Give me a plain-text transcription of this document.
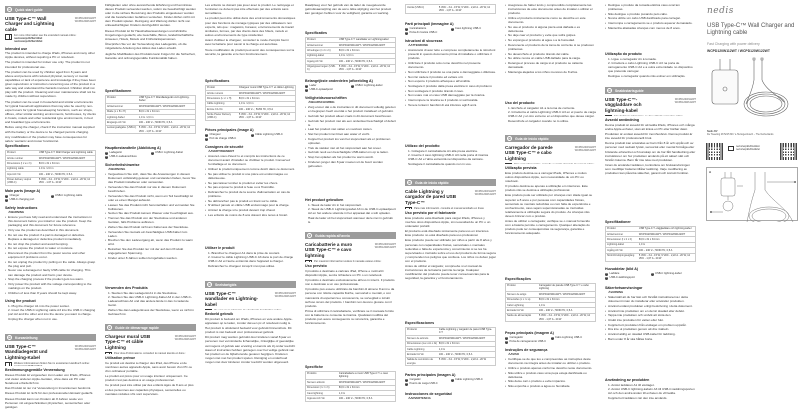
en	Quick start guide
USB Type-C™ Wall Charger and Lightning cable
WCPD120W112WT
WCPD120W122WT
For more information see the extended manual online:
ned.is/wcpd120w112wt
ned.is/wcpd120w122wt
Intended use
The product is intended to charge iPads, iPhones and many other Apple devices, without requiring a PC or notebook.
The product is intended for indoor use only. The product is not intended for professional use.
The product can be used by children aged from 8 years and above and persons with reduced physical, sensory or mental capabilities or lack of experience and knowledge if they have been given supervision or instruction concerning use of the product in a safe way and understand the hazards involved. Children shall not play with the product. Cleaning and user maintenance shall not be made by children without supervision.
The product can be used in household and similar environments for typical household applications that may also be used by non-expert users for typical housekeeping functions, such as: shops, offices, other similar working environments, farmhouses, by clients in hotels, motels and other residential type environments, in bed and breakfast type environments.
Before using the charger, check if the instruction manual supplied with the battery or the device to be charged permits charging.
Any modification of the product may have consequences for safety, warranty and proper functioning.
Specifications
Product	USB Type-C™ Wall Charger and Lightning cable
Article number	WCPD120W112WT / WCPD120W122WT
Dimensions (l x w x h)	83.6 x 31 x 34 mm
Lightning cable	1.0 m / 2.0 m
Input AC Vin	100 – 240 V~; 50/60 Hz, 0.5 A
Power delivery output (USB-C)	5 VDC - 3 A - 15 W; 9 VDC - 2.22 A - 20 W; 12 VDC - 1.67 A - 20 W
Main parts (image A)
1 Charger	3 USB-C Lightning cable
2 USB-C charging port
Safety instructions
⚠ WARNING
• Ensure you have fully read and understood the instructions in this document before you install or use the product. Keep the packaging and this document for future reference.
• Only use the product as described in this document.
• Do not use the product if a part is damaged or defective. Replace a damaged or defective product immediately.
• Do not drop the product and avoid bumping.
• Do not expose the product to water or moisture.
• Disconnect the product from the power source and other equipment if problems occur.
• Do not unplug the product by pulling on the cable. Always grasp the plug and pull.
• Never use a damaged or faulty USB cable for charging. This can damage the product and harm your device.
• Stop the charging process if the product gets too warm.
• Only power the product with the voltage corresponding to the markings on the product.
• Children of less than 8 years should be kept away.
Using the product
1. Plug the charger A1 into the power socket.
2. Insert the USB-C Lightning cable A3 into the USB-C charging port A2 and the other end into the device you want to charge.
Unplug the charger when not in use.
de	Kurzanleitung
USB Type-C™ Wandladegerät und Lightning-Kabel
WCPD120W112WT
WCPD120W122WT
Weitere Informationen finden Sie im erweiterten Handbuch online:
Bestimmungsgemäße Verwendung
Dieses Produkt ist vorgesehen zum Laden von iPads, iPhones und vielen anderen Apple-Geräten, ohne dass ein PC oder Notebook erforderlich ist.
Das Produkt ist nur zur Verwendung in Innenräumen bestimmt.
Dieses Produkt ist nicht für den professionellen Einsatz gedacht.
Dieses Produkt kann von Kindern ab 8 Jahren sowie von Personen mit eingeschränkten physischen, sensorischen oder geistigen
Fähigkeiten oder ohne ausreichende Erfahrung und Kenntnisse dieses Produkt verwendet werden, sofern sie beaufsichtigt werden oder in die sichere Benutzung des Produkts eingewiesen wurden und die bestehenden Gefahren verstehen. Kinder dürfen nicht mit dem Produkt spielen. Reinigung und Wartung dürfen nicht von unbeaufsichtigten Kindern durchgeführt werden.
Dieses Produkt ist für Haushaltsanwendungen und ähnliche Umgebungen gedacht, wie Geschäfte, Büros, landwirtschaftliche Anwesen, Hotels, Motels und Frühstückspensionen.
Überprüfen Sie vor der Verwendung des Ladegeräts, ob die mitgelieferte Anleitung des Akkus das Laden erlaubt.
Jegliche Modifikation des Produkts kann Folgen für die Sicherheit, Garantie und ordnungsgemäße Funktionalität haben.
Spezifikationen
Produkt	USB Type-C™ Wandladegerät und Lightning-Kabel
Artikelnummer	WCPD120W112WT / WCPD120W122WT
Maße (L x B x H)	83,6 x 31 x 34 mm
Lightning-Kabel	1,0 m / 2,0 m
Eingangs-AC Vin	100 – 240 V~; 50/60 Hz, 0,5 A
Leistungsabgabe (USB-C)	5 VDC - 3 A - 15 W; 9 VDC - 2,22 A - 20 W; 12 VDC - 1,67 A - 20 W
Hauptbestandteile (Abbildung A)
1 Ladegerät	3 USB-C Lightning-Kabel
2 USB-C-Ladeanschluss
Sicherheitshinweise
⚠ WARNUNG
• Vergewissern Sie sich, dass Sie die Anweisungen in diesem Dokument vollständig gelesen und verstanden haben, bevor Sie das Produkt installieren oder verwenden.
• Verwenden Sie das Produkt nur wie in diesem Dokument beschrieben.
• Verwenden Sie das Produkt nicht, wenn ein Teil beschädigt ist oder es einen Mangel aufweist.
• Lassen Sie das Produkt nicht herunterfallen und vermeiden Sie Kollisionen.
• Setzen Sie das Produkt keinem Wasser oder Feuchtigkeit aus.
• Trennen Sie das Produkt von der Steckdose und anderen Geräten, falls Probleme auftreten.
• Ziehen Sie das Produkt nicht am Kabel aus der Steckdose.
• Verwenden Sie niemals ein beschädigtes USB-Kabel zum Laden.
• Brechen Sie den Ladevorgang ab, wenn das Produkt zu warm wird.
• Betreiben Sie das Produkt nur mit der auf dem Produkt angegebenen Spannung.
• Kinder unter 8 Jahren sollten ferngehalten werden.
Verwenden des Produkts
1. Stecken Sie das Ladegerät A1 in die Steckdose.
2. Stecken Sie das USB-C Lightning-Kabel A3 in den USB-C-Ladeanschluss A2 und das andere Ende in das zu ladende Gerät.
Ziehen Sie das Ladegerät aus der Steckdose, wenn es nicht in Gebrauch ist.
fr	Guide de démarrage rapide
Chargeur mural USB Type-C™ et câble Lightning
WCPD120W112WT
WCPD120W122WT
Pour plus d'informations, consultez le manuel étendu en ligne :
Utilisation prévue
Ce produit est destiné à charger des iPad, des iPhone et de nombreux autres appareils Apple, sans avoir besoin d'un PC ou d'un ordinateur portable.
Le produit est prévu pour un usage intérieur uniquement. Ce produit n'est pas destiné à un usage professionnel.
Ce produit peut être utilisé par des enfants âgés de 8 ans et plus et des personnes aux capacités physiques, sensorielles ou mentales réduites s'ils sont supervisés.
Les enfants ne doivent pas jouer avec le produit. Le nettoyage et l'entretien ne doivent pas être effectués par des enfants sans surveillance.
Le produit peut être utilisé dans des environnements domestiques pour des fonctions de ménage typiques par des utilisateurs non experts, tels que : magasins, bureaux, environnements de travail similaires, fermes, par des clients dans des hôtels, motels et autres environnements de type résidentiel.
Avant d'utiliser le chargeur, consultez le mode d'emploi fourni avec la batterie pour savoir si la charge est autorisée.
Toute modification du produit peut avoir des conséquences sur la sécurité, la garantie et le bon fonctionnement.
Spécifications
Produit	Chargeur mural USB Type-C™ et câble Lightning
Article numéro	WCPD120W112WT / WCPD120W122WT
Dimensions (L x l x H)	83,6 x 31 x 34 mm
Câble Lightning	1,0 m / 2,0 m
Entrée CA Vin	100 – 240 V~ ; 50/60 Hz, 0,5 A
Sortie Power Delivery (USB-C)	5 VDC - 3 A - 15 W; 9 VDC - 2,22 A - 20 W; 12 VDC - 1,67 A - 20 W
Pièces principales (image A)
1 Chargeur	3 Câble Lightning USB-C
2 Port de charge USB-C
Consignes de sécurité
⚠ AVERTISSEMENT
• Assurez-vous d'avoir lu et compris les instructions de ce document avant d'installer ou d'utiliser le produit. Conservez l'emballage et ce document.
• Utilisez le produit uniquement comme décrit dans ce document.
• Ne pas utiliser le produit si une pièce est endommagée ou défectueuse.
• Ne pas laisser tomber le produit et éviter les chocs.
• Ne pas exposer le produit à l'eau ou à l'humidité.
• Débranchez le produit de la source d'alimentation en cas de problème.
• Ne débranchez pas le produit en tirant sur le câble.
• N'utilisez jamais un câble USB endommagé pour la charge.
• Arrêtez la charge si le produit devient trop chaud.
• Les enfants de moins de 8 ans doivent être tenus à l'écart.
Utiliser le produit
1. Branchez le chargeur A1 dans la prise de courant.
2. Insérez le câble Lightning USB-C A3 dans le port de charge USB-C A2 et l'autre extrémité dans l'appareil à charger.
Débranchez le chargeur lorsqu'il n'est pas utilisé.
nl	Snelstartgids
USB Type-C™ wandlader en Lightning-kabel
WCPD120W112WT
WCPD120W122WT
Bedoeld gebruik
Dit product is bedoeld om iPads, iPhones en vele andere Apple-apparaten op te laden, zonder dat een pc of notebook nodig is.
Het product is uitsluitend bedoeld voor gebruik binnenshuis. Dit product is niet bedoeld voor professioneel gebruik.
Dit product mag worden gebruikt door kinderen vanaf 8 jaar en personen met verminderde lichamelijke, zintuiglijke of geestelijke vermogens of gebrek aan ervaring en kennis als zij onder toezicht staan of instructies hebben gekregen over het veilige gebruik van het product en de bijbehorende gevaren begrijpen. Kinderen mogen niet met het product spelen. Reiniging en onderhoud mogen niet door kinderen zonder toezicht worden uitgevoerd.
Raadpleeg voor het gebruik van de lader de meegeleverde gebruiksaanwijzing van de accu. Elke wijziging van het product kan gevolgen hebben voor de veiligheid, garantie en werking.
Specificaties
Product	USB Type-C™ wandlader en Lightning-kabel
Artikelnummer	WCPD120W112WT / WCPD120W122WT
Afmetingen (l x b x h)	83,6 x 31 x 34 mm
Lightning-kabel	1,0 m / 2,0 m
Ingang AC Vin	100 – 240 V~; 50/60 Hz, 0,5 A
Uitgangsvermogen (USB-C)	5 VDC - 3 A - 15 W; 9 VDC - 2,22 A - 20 W; 12 VDC - 1,67 A - 20 W
Belangrijkste onderdelen (afbeelding A)
1 Lader	3 USB-C Lightning-kabel
2 USB-C-oplaadpoort
Veiligheidsvoorschriften
⚠ WAARSCHUWING
• Zorg ervoor dat u de instructies in dit document volledig gelezen en begrepen heeft voordat u het product installeert of gebruikt.
• Gebruik het product alleen zoals in dit document beschreven.
• Gebruik het product niet als een onderdeel beschadigd of defect is.
• Laat het product niet vallen en voorkom stoten.
• Stel het product niet bloot aan water of vocht.
• Koppel het product los van het stopcontact als er problemen optreden.
• Trek de stekker niet uit het stopcontact aan het snoer.
• Gebruik nooit een beschadigde USB-kabel om op te laden.
• Stop het opladen als het product te warm wordt.
• Kinderen jonger dan 8 jaar moeten uit de buurt worden gehouden.
Het product gebruiken
1. Steek de lader A1 in het stopcontact.
2. Steek de USB-C Lightning-kabel A3 in de USB-C-oplaadpoort A2 en het andere uiteinde in het apparaat dat u wilt opladen.
Haal de lader uit het stopcontact wanneer deze niet in gebruik is.
it	Guida rapida all'avvio
Caricabatterie a muro USB Type-C™ e cavo lightning
WCPD120W112WT
WCPD120W122WT
Per maggiori informazioni vedere il manuale esteso online:
Uso previsto
Il prodotto è destinato a caricare iPad, iPhone e molti altri dispositivi Apple, senza richiedere un PC o un notebook.
Il prodotto è destinato esclusivamente all'uso in interni. Il prodotto non è destinato a un uso professionale.
Il prodotto può essere utilizzato da bambini di almeno 8 anni e da persone con ridotte capacità fisiche, sensoriali o mentali, o con mancanza di esperienza e conoscenza, se sorvegliati o istruiti sull'uso sicuro del prodotto. I bambini non devono giocare con il prodotto.
Prima di utilizzare il caricabatterie, verificare se il manuale fornito con la batteria ne consente la ricarica. Qualsiasi modifica del prodotto può avere conseguenze su sicurezza, garanzia e funzionamento.
Specifiche
Prodotto	Caricabatterie a muro USB Type-C™ e cavo lightning
Numero articolo	WCPD120W112WT / WCPD120W122WT
Dimensioni (l x l x h)	83,6 x 31 x 34 mm
Cavo lightning	1,0 m
Ingresso AC Vin	100 – 240 V~; 50/60 Hz, 0,5 A
Uscita (USB-C)	5 VDC - 3 A - 15 W; 9 VDC - 2,22 A - 20 W; 12 VDC - 1,67 A - 20 W
Parti principali (immagine A)
1 Caricabatterie	3 Cavo lightning USB-C
2 Porta di ricarica USB-C
Istruzioni di sicurezza
⚠ ATTENZIONE
• Assicurarsi di aver letto e compreso completamente le istruzioni presenti in questo documento prima di installare o utilizzare il prodotto.
• Utilizzare il prodotto solo come descritto nel presente documento.
• Non utilizzare il prodotto se una parte è danneggiata o difettosa.
• Non far cadere il prodotto ed evitare urti.
• Non esporre il prodotto all'acqua o all'umidità.
• Scollegare il prodotto dalla presa elettrica in caso di problemi.
• Non scollegare il prodotto tirando il cavo.
• Non usare mai un cavo USB danneggiato per la ricarica.
• Interrompere la ricarica se il prodotto si surriscalda.
• Tenere lontani i bambini di età inferiore agli 8 anni.
Utilizzo del prodotto
1. Collegare il caricabatterie A1 alla presa elettrica.
2. Inserire il cavo lightning USB-C A3 nella porta di ricarica USB-C A2 e l'altra estremità nel dispositivo da caricare.
Scollegare il caricabatterie quando non in uso.
es	Guía de inicio rápido
Cable Lightning y cargador de pared USB Type-C™
WCPD120W112WT
WCPD120W122WT
Para más información, consulte el manual ampliado en línea:
Uso previsto por el fabricante
Este producto está diseñado para cargar iPads, iPhones y muchos otros dispositivos Apple, sin necesidad de un PC o un ordenador portátil.
El producto está diseñado únicamente para uso en interiores. Este producto no está diseñado para uso profesional.
Este producto puede ser utilizado por niños a partir de 8 años y personas con capacidades físicas, sensoriales o mentales reducidas o falta de experiencia y conocimiento si se les ha supervisado o instruido sobre el uso del producto de forma segura y comprenden los peligros que conlleva. Los niños no deben jugar con el producto.
Antes de utilizar el cargador, compruebe si el manual de instrucciones de la batería permite la carga. Cualquier modificación del producto puede tener consecuencias para la seguridad, la garantía y el funcionamiento.
Especificaciones
Producto	Cable Lightning y cargador de pared USB Type-C™
Número de artículo	WCPD120W112WT / WCPD120W122WT
Dimensiones (La x An x Al)	83,6 x 31 x 34 mm
Cable Lightning	1,0 m
Entrada CA Vin	100 – 240 V~; 50/60 Hz, 0,5 A
Salida de suministro de energía	5 VDC - 3 A - 15 W; 9 VDC - 2,22 A - 20 W
Partes principales (imagen A)
1 Cargador	3 Cable Lightning USB-C
2 Puerto de carga USB-C
Instrucciones de seguridad
⚠ ADVERTENCIA
• Asegúrese de haber leído y comprendido completamente las instrucciones de este documento antes de instalar o utilizar el producto.
• Utilice el producto únicamente como se describe en este documento.
• No use el producto si alguna pieza está dañada o es defectuosa.
• No deje caer el producto y evite que sufra golpes.
• No exponga el producto al agua o a la humedad.
• Desconecte el producto de la toma de corriente si se producen problemas.
• No desenchufe el producto tirando del cable.
• No utilice nunca un cable USB dañado para la carga.
• Detenga el proceso de carga si el producto se calienta demasiado.
• Mantenga alejados a los niños menores de 8 años.
Uso del producto
1. Enchufe el cargador A1 a la toma de corriente.
2. Introduzca el cable Lightning USB-C A3 en el puerto de carga USB-C A2 y el otro extremo en el dispositivo que desee cargar.
Desenchufe el cargador cuando no lo utilice.
pt	Guia de início rápido
Carregador de parede USB Type-C™ e cabo Lightning
WCPD120W112WT
WCPD120W122WT
Utilização prevista
Este produto destina-se a carregar iPads, iPhones e muitos outros dispositivos Apple, sem necessidade de um PC ou notebook.
O produto destina-se apenas a utilização em interiores. Este produto não se destina a utilização profissional.
Este produto pode ser utilizado por crianças com idade igual ou superior a 8 anos e por pessoas com capacidades físicas, sensoriais ou mentais reduzidas ou com falta de experiência e conhecimento, caso sejam supervisionadas ou instruídas relativamente à utilização segura do produto. As crianças não devem brincar com o produto.
Antes de utilizar o carregador, verifique se o manual fornecido com a bateria permite o carregamento. Qualquer alteração do produto pode ter consequências na segurança, garantia e funcionamento adequado.
Especificações
Produto	Carregador de parede USB Type-C™ e cabo Lightning
Número de artigo	WCPD120W112WT / WCPD120W122WT
Dimensões (c x l x a)	83,6 x 31 x 34 mm
Cabo Lightning	1,0 m
Entrada CA Vin	100 – 240 V~; 50/60 Hz, 0,5 A
Saída de alimentação	5 VDC - 3 A - 15 W; 9 VDC - 2,22 A - 20 W; 12 VDC - 1,67 A - 20 W
Peças principais (imagem A)
1 Carregador	3 Cabo Lightning USB-C
2 Porta de carregamento USB-C
Instruções de segurança
⚠ AVISO
• Certifique-se de que leu e compreendeu as instruções deste documento na íntegra antes de instalar ou utilizar o produto.
• Utilize o produto apenas conforme descrito neste documento.
• Não utilize o produto caso uma peça esteja danificada ou defeituosa.
• Não deixe cair o produto e evite impactos.
• Não exponha o produto a água ou humidade.
• Desligue o produto da tomada elétrica caso ocorram problemas.
• Não desligue o produto puxando pelo cabo.
• Nunca utilize um cabo USB danificado para carregar.
• Interrompa o carregamento se o produto aquecer demasiado.
• Mantenha afastadas crianças com menos de 8 anos.
Utilização do produto
1. Ligue o carregador A1 à tomada.
2. Introduza o cabo Lightning USB-C A3 na porta de carregamento USB-C A2 e a outra extremidade no dispositivo que pretende carregar.
Desligue o carregador quando não estiver em utilização.
sv	Snabbstartsguide
USB Type-C™-väggladdare och lightning-kabel
WCPD120W112WT
WCPD120W122WT
Avsedd användning
Denna produkt är avsedd för att ladda iPads, iPhones och många andra Apple-enheter, utan att kräva en PC eller bärbar dator.
Produkten är endast avsedd för inomhusbruk. Denna produkt är inte avsedd för professionellt bruk.
Denna produkt kan användas av barn från 8 år och uppåt och av personer med nedsatt fysisk, sensorisk eller mental förmåga eller bristande erfarenhet och kunskap om de har fått handledning eller instruktioner om hur produkten används på ett säkert sätt och förstår riskerna. Barn får inte leka med produkten.
Innan du använder laddaren, kontrollera om bruksanvisningen som medföljer batteriet tillåter laddning. Varje modifiering av produkten kan påverka säkerhet, garanti och korrekt funktion.
Specifikationer
Produkt	USB Type-C™-väggladdare och lightning-kabel
Artikelnummer	WCPD120W112WT / WCPD120W122WT
Dimensioner (l x b x h)	83,6 x 31 x 34 mm
Lightning-kabel	1,0 m
Ingång AC Vin	100 – 240 V~; 50/60 Hz, 0,5 A
Strömförsörjningsutgång	5 VDC - 3 A - 15 W; 9 VDC - 2,22 A - 20 W; 12 VDC - 1,67 A - 20 W
Huvuddelar (bild A)
1 Laddare	3 USB-C lightning-kabel
2 USB-C-laddningsport
Säkerhetsanvisningar
⚠ VARNING
• Säkerställ att du har läst och förstått instruktionerna i detta dokument innan du installerar eller använder produkten.
• Använd endast produkten enligt beskrivning i detta dokument.
• Använd inte produkten om en del är skadad eller defekt.
• Tappa inte produkten och undvik att stöta den.
• Utsätt inte produkten för vatten eller fukt.
• Koppla bort produkten från eluttaget om problem uppstår.
• Dra inte ut produkten genom att dra i kabeln.
• Använd aldrig en skadad USB-kabel för laddning.
• Barn under 8 år ska hållas borta.
Användning av produkten
1. Anslut laddaren A1 till eluttaget.
2. Anslut USB-C lightning-kabeln A3 till USB-C-laddningsporten A2 och den andra änden till enheten du vill ladda.
Koppla bort laddaren när den inte används.
nedis
USB Type-C™ Wall Charger and Lightning cable
Fast Charging with power delivery
WCPD120W112WT / WCPD120W122WT
Nedis BV
De Tweeling 28 5215 MC 's-Hertogenbosch – The Netherlands
ned.is/wcpd120w112wt ned.is/wcpd120w122wt
A
